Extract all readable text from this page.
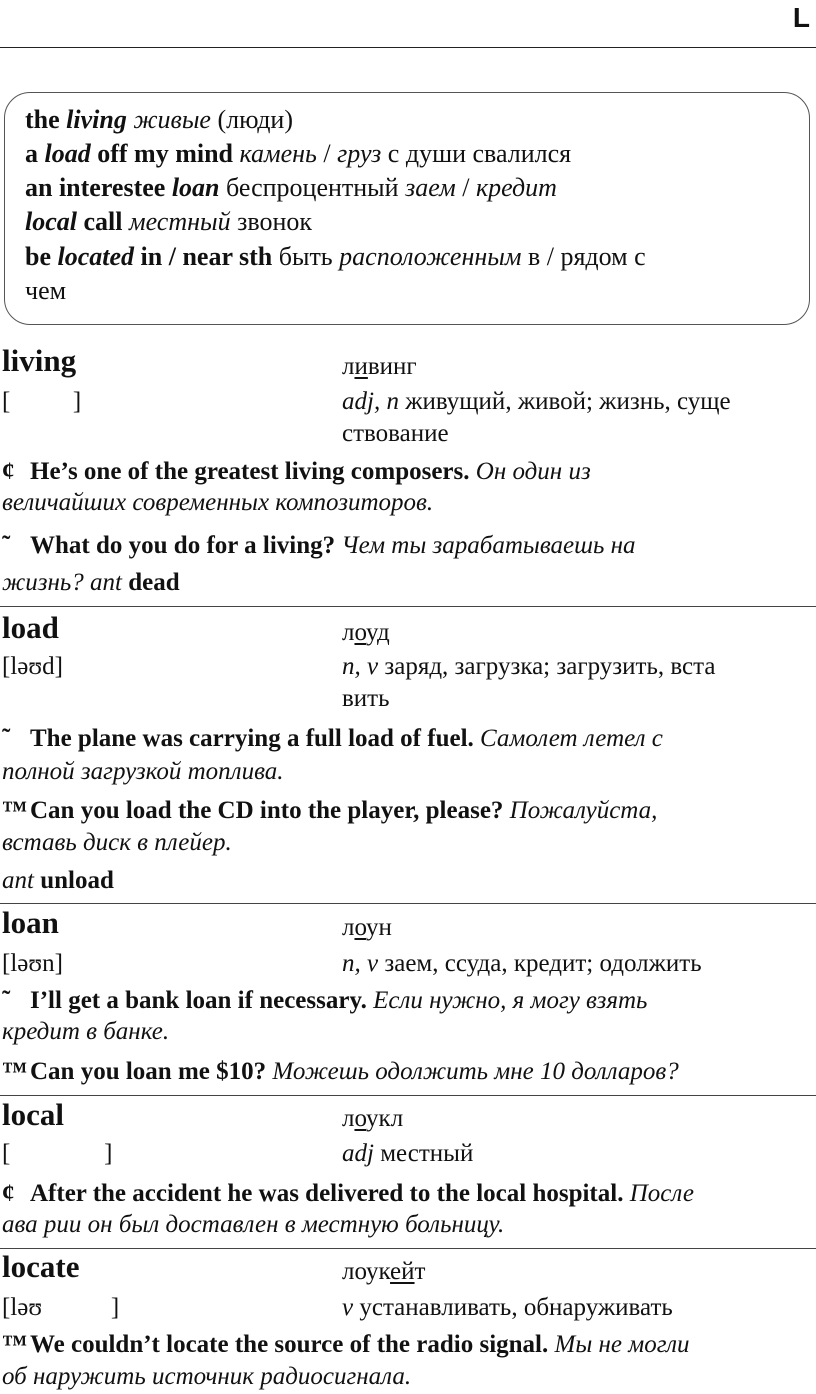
L
the living живые (люди)
a load off my mind камень / груз с души свалился
an interestee loan беспроцентный заем / кредит
local call местный звонок
be located in / near sth быть расположенным в / рядом с
чем
living	ливинг
[          ]	adj, n живущий, живой; жизнь, суще
ствование
¢ He’s one of the greatest living composers. Он один из
величайших современных композиторов.
˜ What do you do for a living? Чем ты зарабатываешь на
жизнь? ant dead
load	лоуд
[ləʊd]	n, v заряд, загрузка; загрузить, вста
вить
˜ The plane was carrying a full load of fuel. Самолет летел с
полной загрузкой топлива.
™ Can you load the CD into the player, please? Пожалуйста,
вставь диск в плейер.
ant unload
loan	лоун
[ləʊn]	n, v заем, ссуда, кредит; одолжить
˜ I’ll get a bank loan if necessary. Если нужно, я могу взять
кредит в банке.
™ Can you loan me $10? Можешь одолжить мне 10 долларов?
local	лоукл
[               ]	adj местный
¢ After the accident he was delivered to the local hospital. После
ава рии он был доставлен в местную больницу.
locate	лоукейт
[ləʊ           ]	v устанавливать, обнаруживать
™ We couldn’t locate the source of the radio signal. Мы не могли
об наружить источник радиосигнала.
